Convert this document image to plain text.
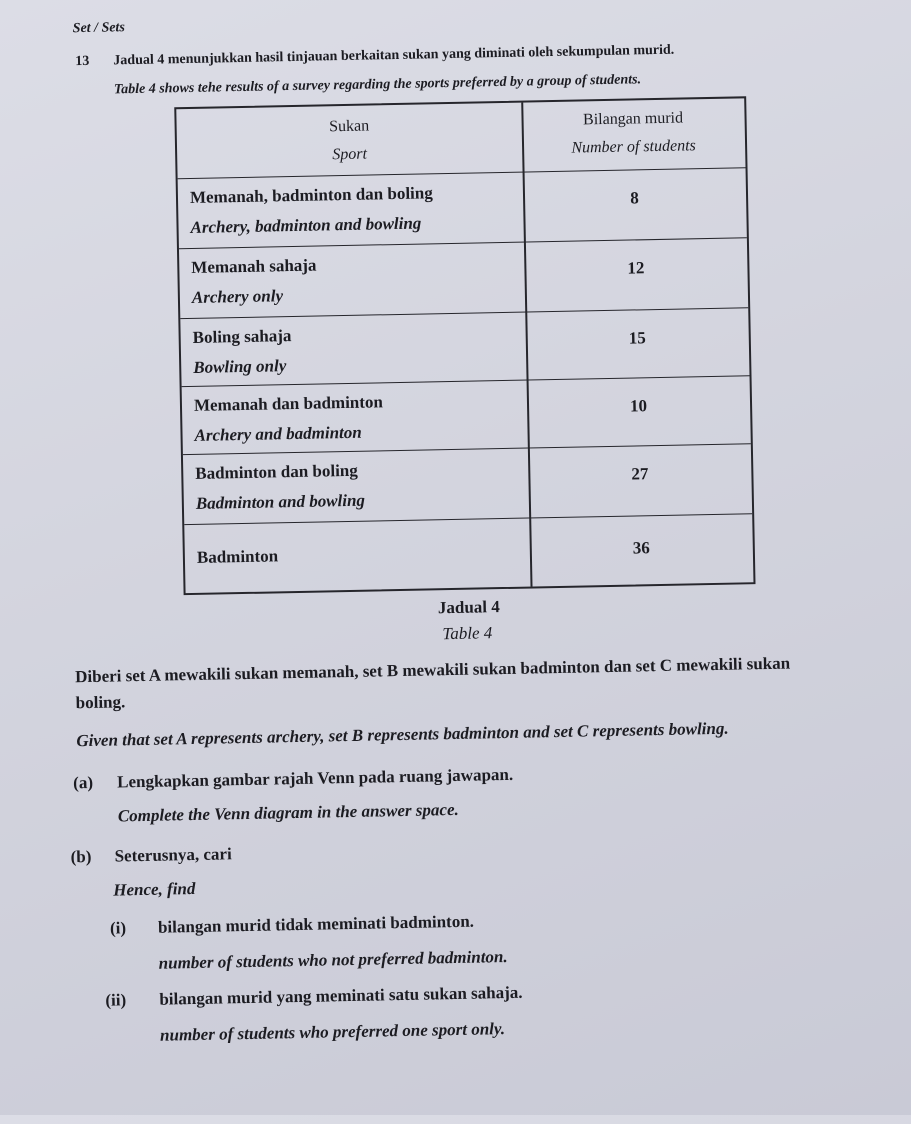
Set / Sets
13 Jadual 4 menunjukkan hasil tinjauan berkaitan sukan yang diminati oleh sekumpulan murid.
Table 4 shows tehe results of a survey regarding the sports preferred by a group of students.
Sukan
Sport
Bilangan murid
Number of students
Memanah, badminton dan boling
Archery, badminton and bowling
8
Memanah sahaja
Archery only
12
Boling sahaja
Bowling only
15
Memanah dan badminton
Archery and badminton
10
Badminton dan boling
Badminton and bowling
27
Badminton	36
Jadual 4
Table 4
Diberi set A mewakili sukan memanah, set B mewakili sukan badminton dan set C mewakili sukan
boling.
Given that set A represents archery, set B represents badminton and set C represents bowling.
(a) Lengkapkan gambar rajah Venn pada ruang jawapan.
Complete the Venn diagram in the answer space.
(b) Seterusnya, cari
Hence, find
(i) bilangan murid tidak meminati badminton.
number of students who not preferred badminton.
(ii) bilangan murid yang meminati satu sukan sahaja.
number of students who preferred one sport only.
